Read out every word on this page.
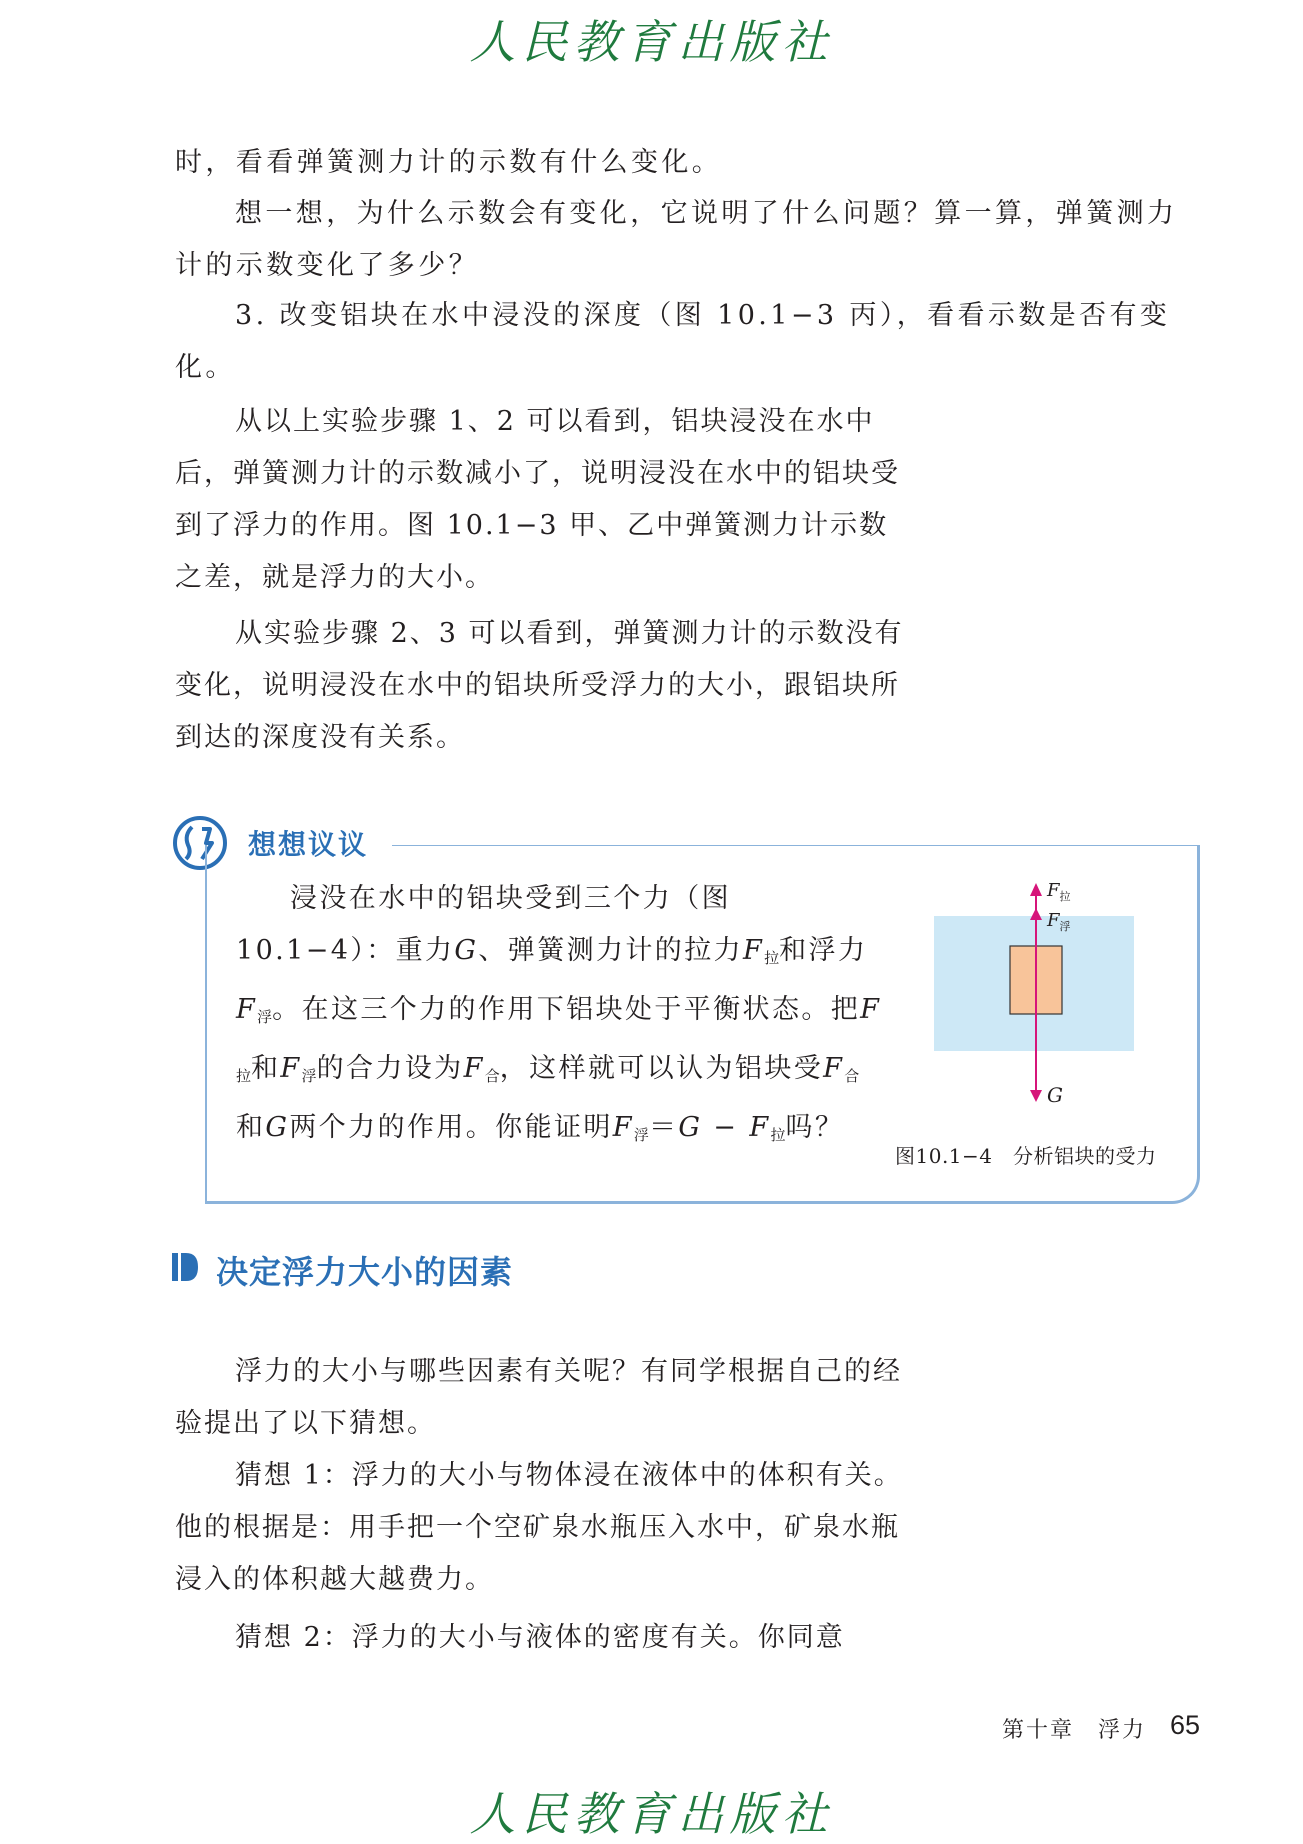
人民教育出版社

时，看看弹簧测力计的示数有什么变化。

想一想，为什么示数会有变化，它说明了什么问题？算一算，弹簧测力计的示数变化了多少？

3. 改变铝块在水中浸没的深度（图 10.1−3 丙），看看示数是否有变化。

从以上实验步骤 1、2 可以看到，铝块浸没在水中后，弹簧测力计的示数减小了，说明浸没在水中的铝块受到了浮力的作用。图 10.1−3 甲、乙中弹簧测力计示数之差，就是浮力的大小。

从实验步骤 2、3 可以看到，弹簧测力计的示数没有变化，说明浸没在水中的铝块所受浮力的大小，跟铝块所到达的深度没有关系。

想想议议

浸没在水中的铝块受到三个力（图 10.1−4）：重力G、弹簧测力计的拉力$F_拉$和浮力$F_浮$。在这三个力的作用下铝块处于平衡状态。把$F_拉$和$F_浮$的合力设为$F_合$，这样就可以认为铝块受$F_合$和G两个力的作用。你能证明$F_浮=G - F_拉$吗？

$F_拉$
$F_浮$
G
图10.1−4　分析铝块的受力
决定浮力大小的因素

浮力的大小与哪些因素有关呢？有同学根据自己的经验提出了以下猜想。

猜想 1：浮力的大小与物体浸在液体中的体积有关。他的根据是：用手把一个空矿泉水瓶压入水中，矿泉水瓶浸入的体积越大越费力。

猜想 2：浮力的大小与液体的密度有关。你同意

第十章　浮力 65
人民教育出版社
